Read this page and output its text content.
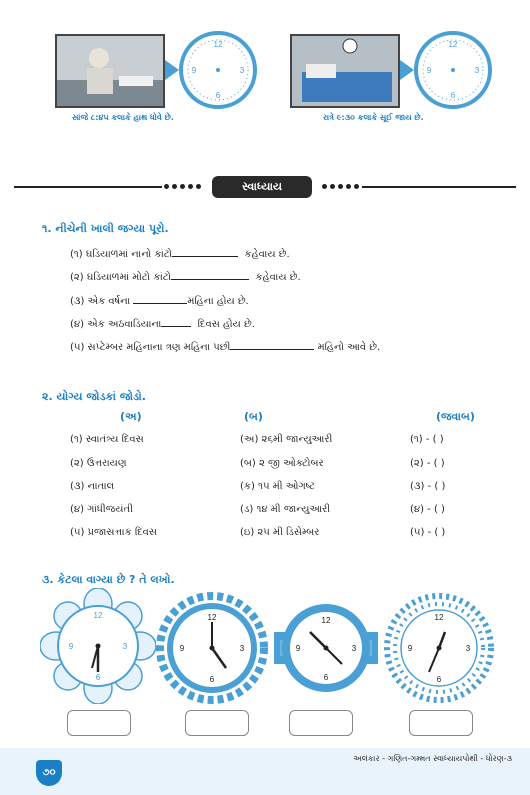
12
3
6
9
સાંજે ૮:૪૫ કલાકે હાથ ધોવે છે.
12
3
6
9
રાત્રે ૯:૩૦ કલાકે સૂઈ જાય છે.
સ્વાધ્યાય
૧. નીચેની ખાલી જગ્યા પૂરો.
(૧) ઘડિયાળમાં નાનો કાંટો	કહેવાય છે.
(૨) ઘડિયાળમાં મોટો કાંટો	કહેવાય છે.
(૩) એક વર્ષના	મહિના હોય છે.
(૪) એક અઠવાડિયાના	દિવસ હોય છે.
(૫) સપ્ટેમ્બર મહિનાના ત્રણ મહિના પછી	મહિનો આવે છે.
૨. યોગ્ય જોડકાં જોડો.
(અ)	(બ)	(જવાબ)
(૧) સ્વાતંત્ર્ય દિવસ	(અ) ૨૬મી જાન્યુઆરી	(૧) - ( )
(૨) ઉત્તરાયણ	(બ) ૨ જી ઓક્ટોબર	(૨) - ( )
(૩) નાતાલ	(ક) ૧૫ મી ઓગષ્ટ	(૩) - ( )
(૪) ગાંધીજયંતી	(ડ) ૧૪ મી જાન્યુઆરી	(૪) - ( )
(૫) પ્રજાસત્તાક દિવસ	(ઇ) ૨૫ મી ડિસેમ્બર	(૫) - ( )
૩. કેટલા વાગ્યા છે ? તે લખો.
12
3
6
9
12
3
6
9
12
3
6
9
12
3
6
9
૭૦
અલંકાર - ગણિત-ગમ્મત સ્વાધ્યાયપોથી - ધોરણ-૩
